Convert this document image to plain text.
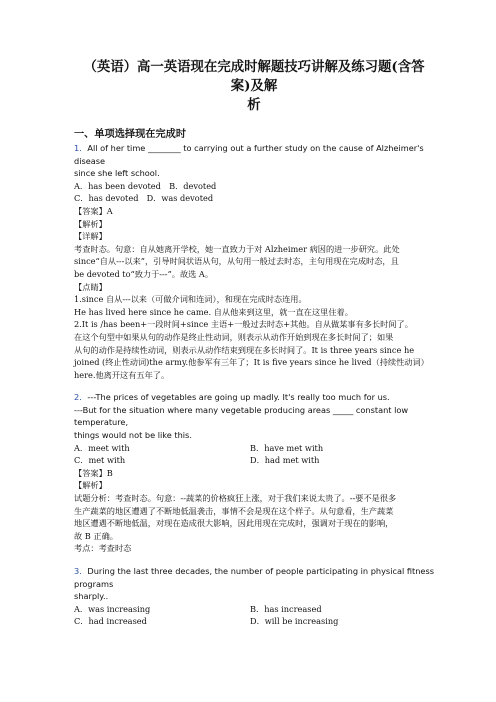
（英语）高一英语现在完成时解题技巧讲解及练习题(含答案)及解
析
一、单项选择现在完成时

1．All of her time ________ to carrying out a further study on the cause of Alzheimer's disease

since she left school.

A．has been devoted　B．devoted

C．has devoted　D．was devoted

【答案】A

【解析】

【详解】

考查时态。句意：自从她离开学校，她一直致力于对 Alzheimer 病因的进一步研究。此处

since“自从---以来”，引导时间状语从句，从句用一般过去时态，主句用现在完成时态，且

be devoted to“致力于---”。故选 A。

【点睛】

1.since 自从---以来（可做介词和连词），和现在完成时态连用。

He has lived here since he came. 自从他来到这里，就一直在这里住着。

2.It is /has been+一段时间+since 主语+一般过去时态+其他。自从做某事有多长时间了。

在这个句型中如果从句的动作是终止性动词，则表示从动作开始到现在多长时间了；如果

从句的动作是持续性动词，则表示从动作结束到现在多长时间了。It is three years since he

joined (终止性动词)the army.他参军有三年了；It is five years since he lived（持续性动词）

here.他离开这有五年了。

2．---The prices of vegetables are going up madly. It's really too much for us.

---But for the situation where many vegetable producing areas _____ constant low temperature,

things would not be like this.

A．meet with	B．have met with

C．met with	D．had met with

【答案】B

【解析】

试题分析：考查时态。句意：--蔬菜的价格疯狂上涨，对于我们来说太贵了。--要不是很多

生产蔬菜的地区遭遇了不断地低温袭击，事情不会是现在这个样子。从句意看，生产蔬菜

地区遭遇不断地低温，对现在造成很大影响，因此用现在完成时，强调对于现在的影响，

故 B 正确。

考点：考查时态

3．During the last three decades, the number of people participating in physical fitness programs

sharply..

A．was increasing	B．has increased

C．had increased	D．will be increasing
